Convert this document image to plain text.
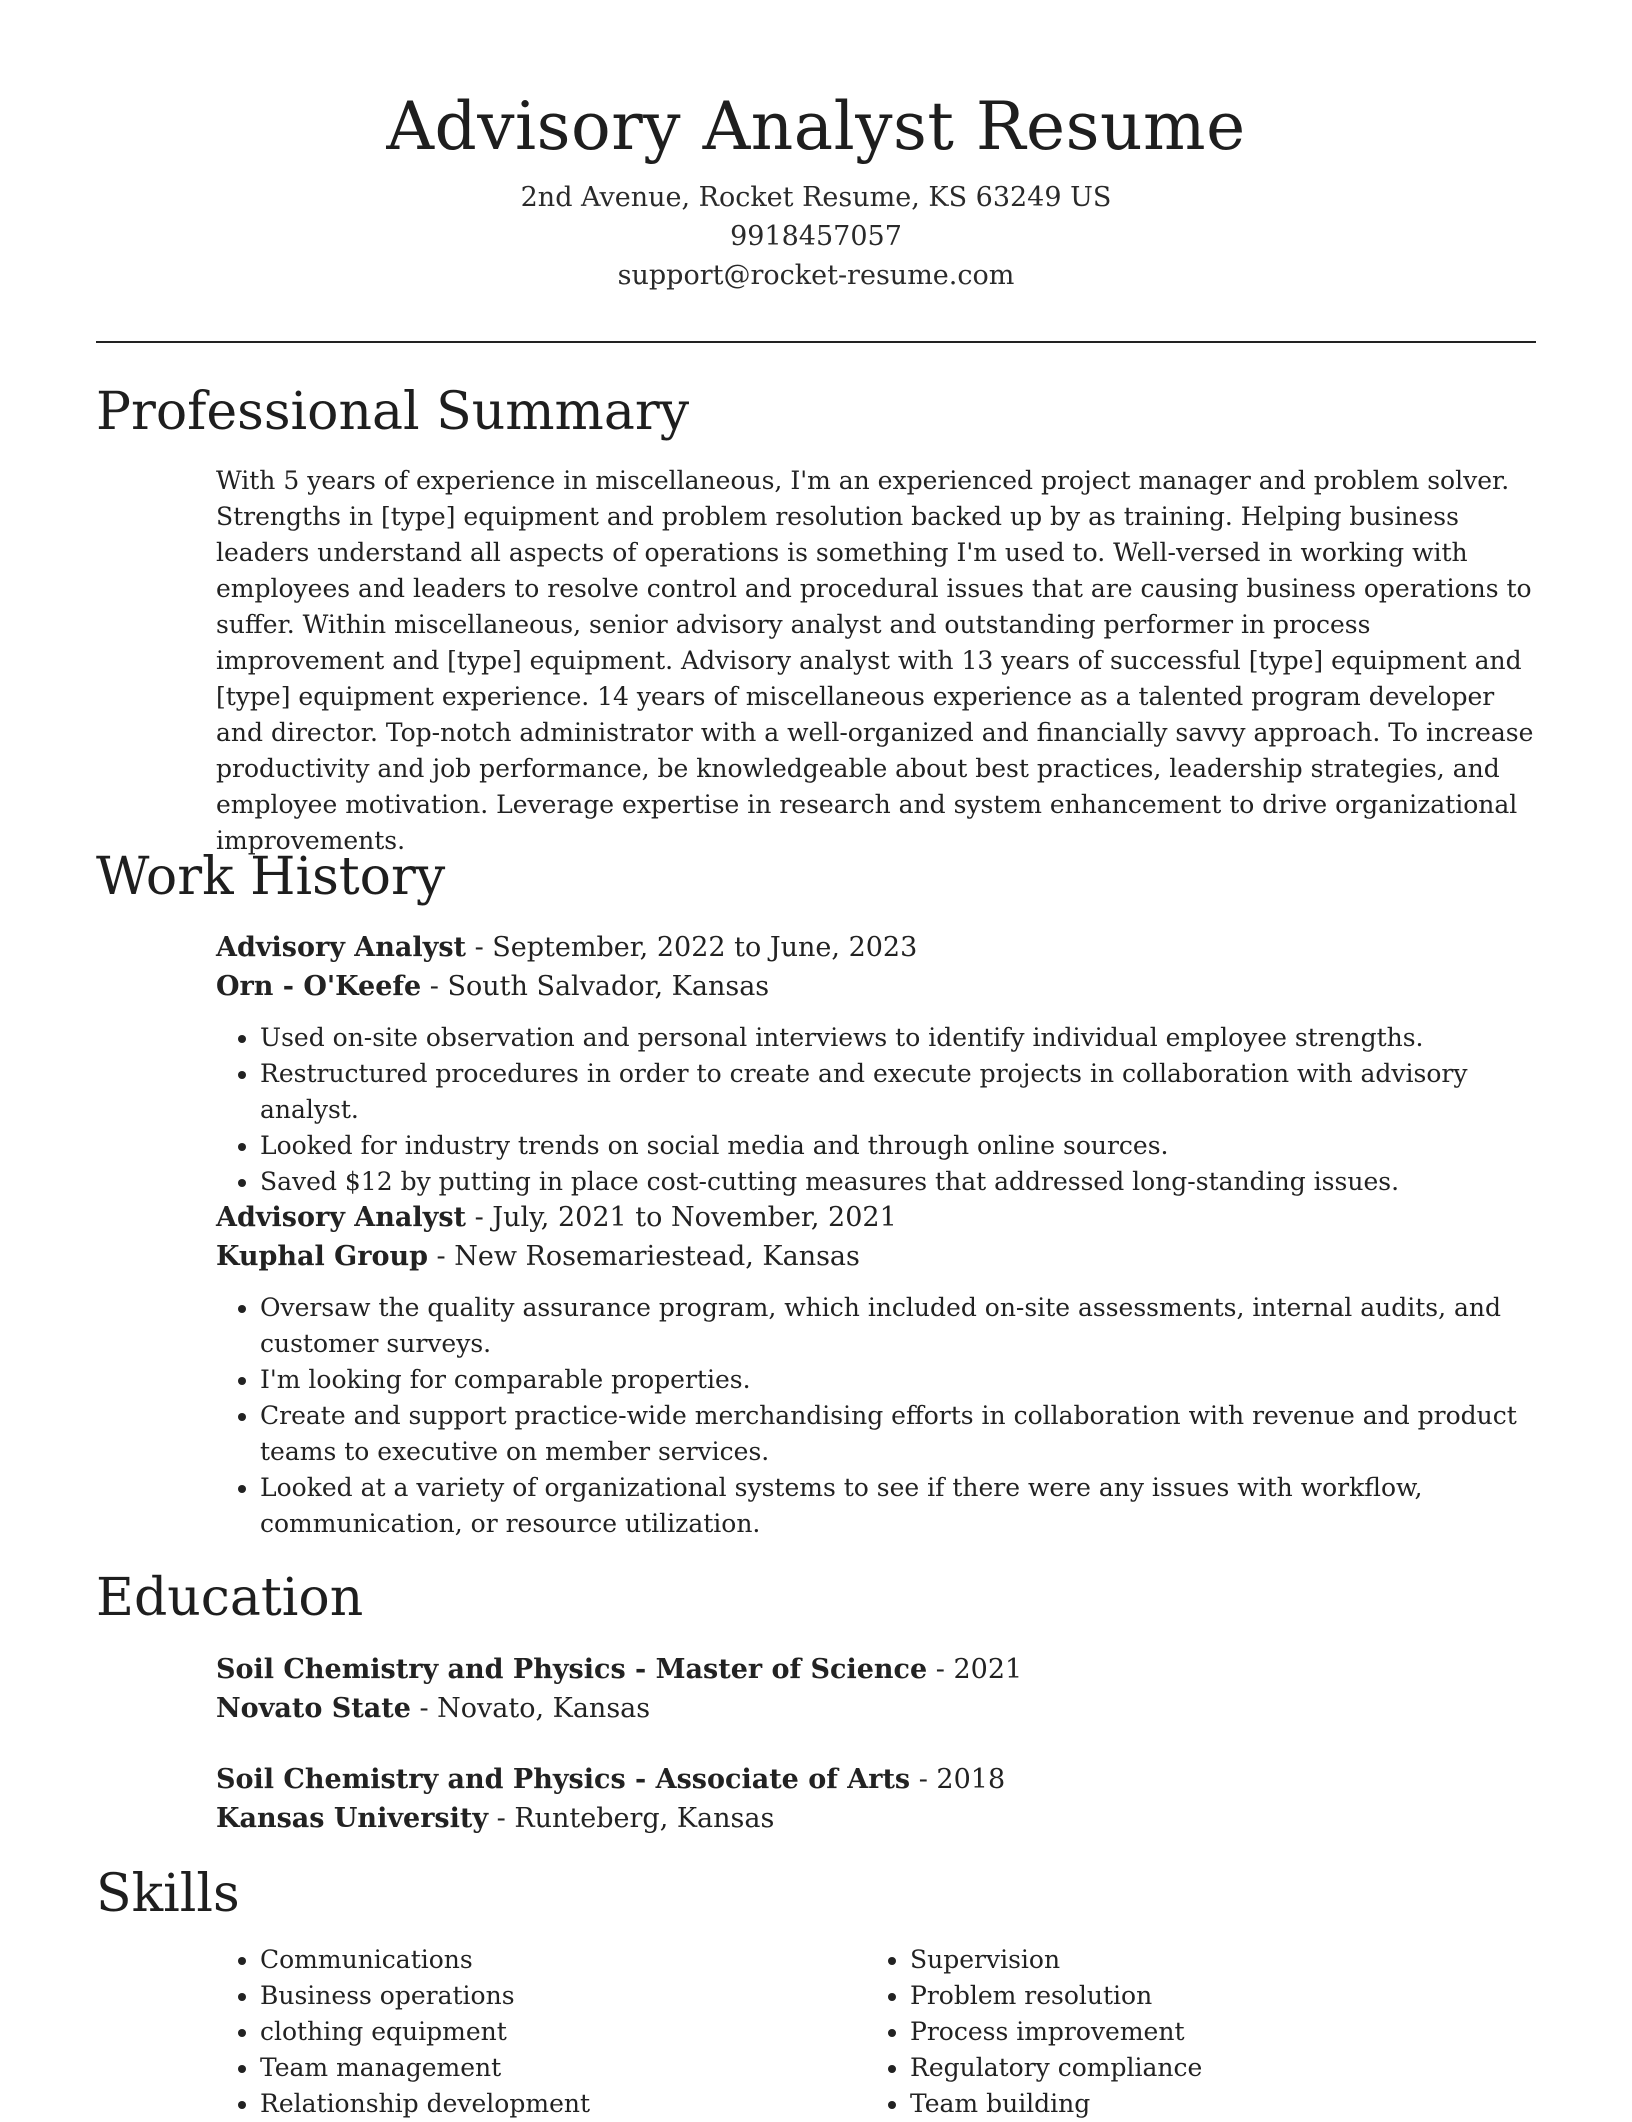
Advisory Analyst Resume
2nd Avenue, Rocket Resume, KS 63249 US
9918457057
support@rocket-resume.com
Professional Summary
With 5 years of experience in miscellaneous, I'm an experienced project manager and problem solver. Strengths in [type] equipment and problem resolution backed up by as training. Helping business leaders understand all aspects of operations is something I'm used to. Well-versed in working with employees and leaders to resolve control and procedural issues that are causing business operations to suffer. Within miscellaneous, senior advisory analyst and outstanding performer in process improvement and [type] equipment. Advisory analyst with 13 years of successful [type] equipment and [type] equipment experience. 14 years of miscellaneous experience as a talented program developer and director. Top-notch administrator with a well-organized and financially savvy approach. To increase productivity and job performance, be knowledgeable about best practices, leadership strategies, and employee motivation. Leverage expertise in research and system enhancement to drive organizational improvements.
Work History
Advisory Analyst - September, 2022 to June, 2023
Orn - O'Keefe - South Salvador, Kansas
• Used on-site observation and personal interviews to identify individual employee strengths.
• Restructured procedures in order to create and execute projects in collaboration with advisory analyst.
• Looked for industry trends on social media and through online sources.
• Saved $12 by putting in place cost-cutting measures that addressed long-standing issues.
Advisory Analyst - July, 2021 to November, 2021
Kuphal Group - New Rosemariestead, Kansas
• Oversaw the quality assurance program, which included on-site assessments, internal audits, and customer surveys.
• I'm looking for comparable properties.
• Create and support practice-wide merchandising efforts in collaboration with revenue and product teams to executive on member services.
• Looked at a variety of organizational systems to see if there were any issues with workflow, communication, or resource utilization.
Education
Soil Chemistry and Physics - Master of Science - 2021
Novato State - Novato, Kansas
Soil Chemistry and Physics - Associate of Arts - 2018
Kansas University - Runteberg, Kansas
Skills
• Communications
• Business operations
• clothing equipment
• Team management
• Relationship development
• Supervision
• Problem resolution
• Process improvement
• Regulatory compliance
• Team building
